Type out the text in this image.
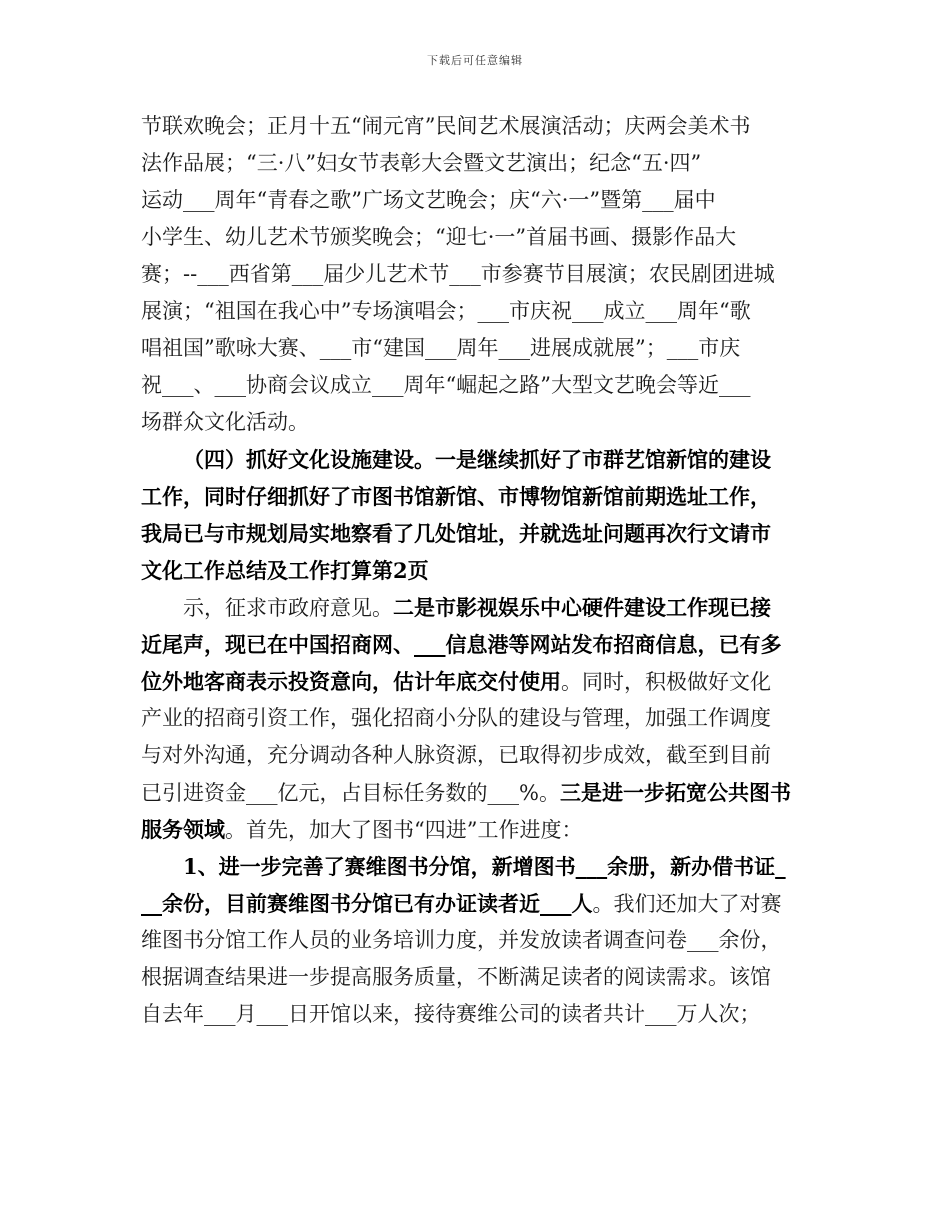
下载后可任意编辑
节联欢晚会；正月十五“闹元宵”民间艺术展演活动；庆两会美术书
法作品展；“三·八”妇女节表彰大会暨文艺演出；纪念“五·四”
运动___周年“青春之歌”广场文艺晚会；庆“六·一”暨第___届中
小学生、幼儿艺术节颁奖晚会；“迎七·一”首届书画、摄影作品大
赛；--___西省第___届少儿艺术节___市参赛节目展演；农民剧团进城
展演；“祖国在我心中”专场演唱会；___市庆祝___成立___周年“歌
唱祖国”歌咏大赛、___市“建国___周年___进展成就展”；___市庆
祝___、___协商会议成立___周年“崛起之路”大型文艺晚会等近___
场群众文化活动。
（四）抓好文化设施建设。一是继续抓好了市群艺馆新馆的建设
工作，同时仔细抓好了市图书馆新馆、市博物馆新馆前期选址工作，
我局已与市规划局实地察看了几处馆址，并就选址问题再次行文请市
文化工作总结及工作打算第2页
示，征求市政府意见。二是市影视娱乐中心硬件建设工作现已接
近尾声，现已在中国招商网、___信息港等网站发布招商信息，已有多
位外地客商表示投资意向，估计年底交付使用。同时，积极做好文化
产业的招商引资工作，强化招商小分队的建设与管理，加强工作调度
与对外沟通，充分调动各种人脉资源，已取得初步成效，截至到目前
已引进资金___亿元，占目标任务数的___%。三是进一步拓宽公共图书
服务领域。首先，加大了图书“四进”工作进度：
1、进一步完善了赛维图书分馆，新增图书___余册，新办借书证_
__余份，目前赛维图书分馆已有办证读者近___人。我们还加大了对赛
维图书分馆工作人员的业务培训力度，并发放读者调查问卷___余份，
根据调查结果进一步提高服务质量，不断满足读者的阅读需求。该馆
自去年___月___日开馆以来，接待赛维公司的读者共计___万人次；
